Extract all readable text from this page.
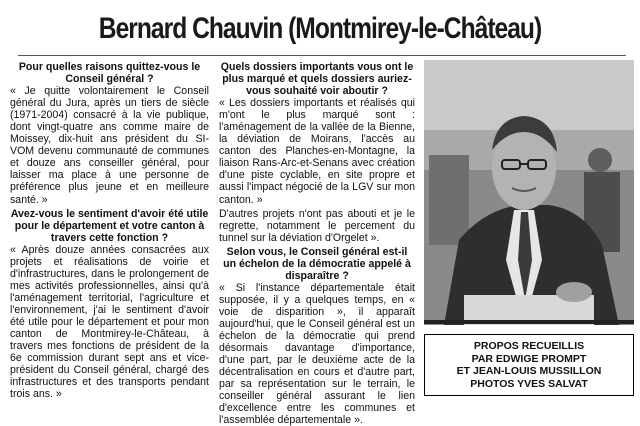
Bernard Chauvin (Montmirey-le-Château)

Pour quelles raisons quittez-vous le Conseil général ?

« Je quitte volontairement le Conseil général du Jura, après un tiers de siècle (1971-2004) consacré à la vie publique, dont vingt-quatre ans comme maire de Moissey, dix-huit ans président du SI-VOM devenu communauté de communes et douze ans conseiller général, pour laisser ma place à une personne de préférence plus jeune et en meilleure santé. »

Avez-vous le sentiment d'avoir été utile pour le département et votre canton à travers cette fonction ?

« Après douze années consacrées aux projets et réalisations de voirie et d'infrastructures, dans le prolongement de mes activités professionnelles, ainsi qu'à l'aménagement territorial, l'agriculture et l'environnement, j'ai le sentiment d'avoir été utile pour le département et pour mon canton de Montmirey-le-Château, à travers mes fonctions de président de la 6e commission durant sept ans et vice-président du Conseil général, chargé des infrastructures et des transports pendant trois ans. »

Quels dossiers importants vous ont le plus marqué et quels dossiers auriez-vous souhaité voir aboutir ?

« Les dossiers importants et réalisés qui m'ont le plus marqué sont : l'aménagement de la vallée de la Bienne, la déviation de Moirans, l'accès au canton des Planches-en-Montagne, la liaison Rans-Arc-et-Senans avec création d'une piste cyclable, en site propre et aussi l'impact négocié de la LGV sur mon canton. »

D'autres projets n'ont pas abouti et je le regrette, notamment le percement du tunnel sur la déviation d'Orgelet ».

Selon vous, le Conseil général est-il un échelon de la démocratie appelé à disparaître ?

« Si l'instance départementale était supposée, il y a quelques temps, en « voie de disparition », il apparaît aujourd'hui, que le Conseil général est un échelon de la démocratie qui prend désormais davantage d'importance, d'une part, par le deuxième acte de la décentralisation en cours et d'autre part, par sa représentation sur le terrain, le conseiller général assurant le lien d'excellence entre les communes et l'assemblée départementale ».

PROPOS RECUEILLIS
PAR EDWIGE PROMPT
ET JEAN-LOUIS MUSSILLON
PHOTOS YVES SALVAT
